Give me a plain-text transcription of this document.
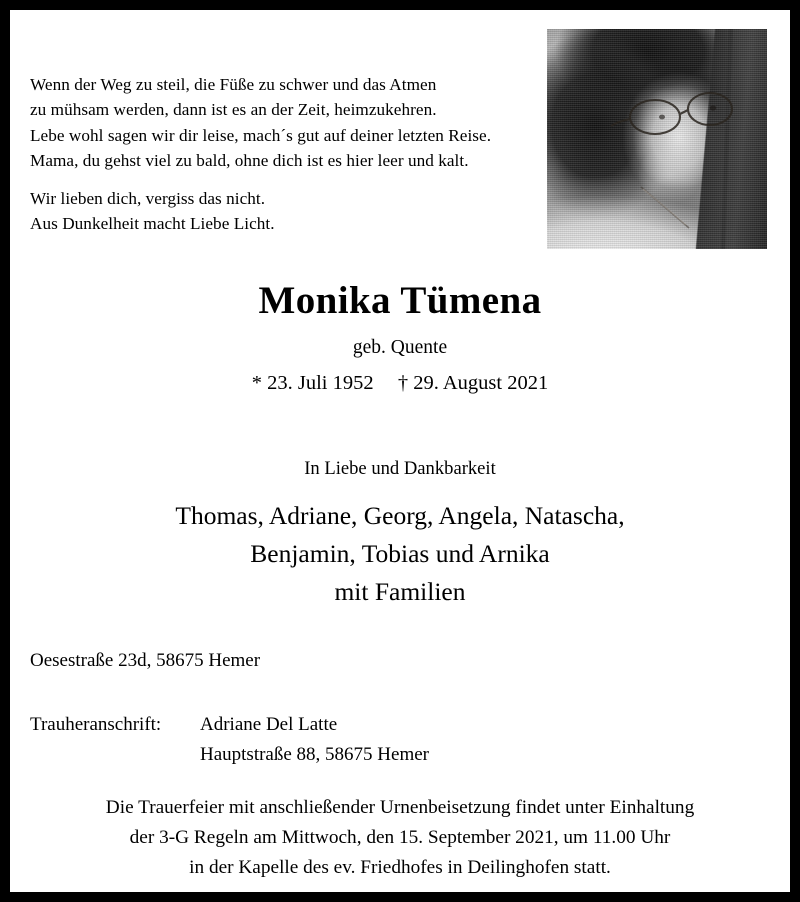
Wenn der Weg zu steil, die Füße zu schwer und das Atmen
zu mühsam werden, dann ist es an der Zeit, heimzukehren.
Lebe wohl sagen wir dir leise, mach´s gut auf deiner letzten Reise.
Mama, du gehst viel zu bald, ohne dich ist es hier leer und kalt.
Wir lieben dich, vergiss das nicht.
Aus Dunkelheit macht Liebe Licht.
Monika Tümena
geb. Quente
* 23. Juli 1952 † 29. August 2021
In Liebe und Dankbarkeit
Thomas, Adriane, Georg, Angela, Natascha,
Benjamin, Tobias und Arnika
mit Familien
Oesestraße 23d, 58675 Hemer
Trauheranschrift: Adriane Del Latte
Hauptstraße 88, 58675 Hemer
Die Trauerfeier mit anschließender Urnenbeisetzung findet unter Einhaltung
der 3-G Regeln am Mittwoch, den 15. September 2021, um 11.00 Uhr
in der Kapelle des ev. Friedhofes in Deilinghofen statt.
